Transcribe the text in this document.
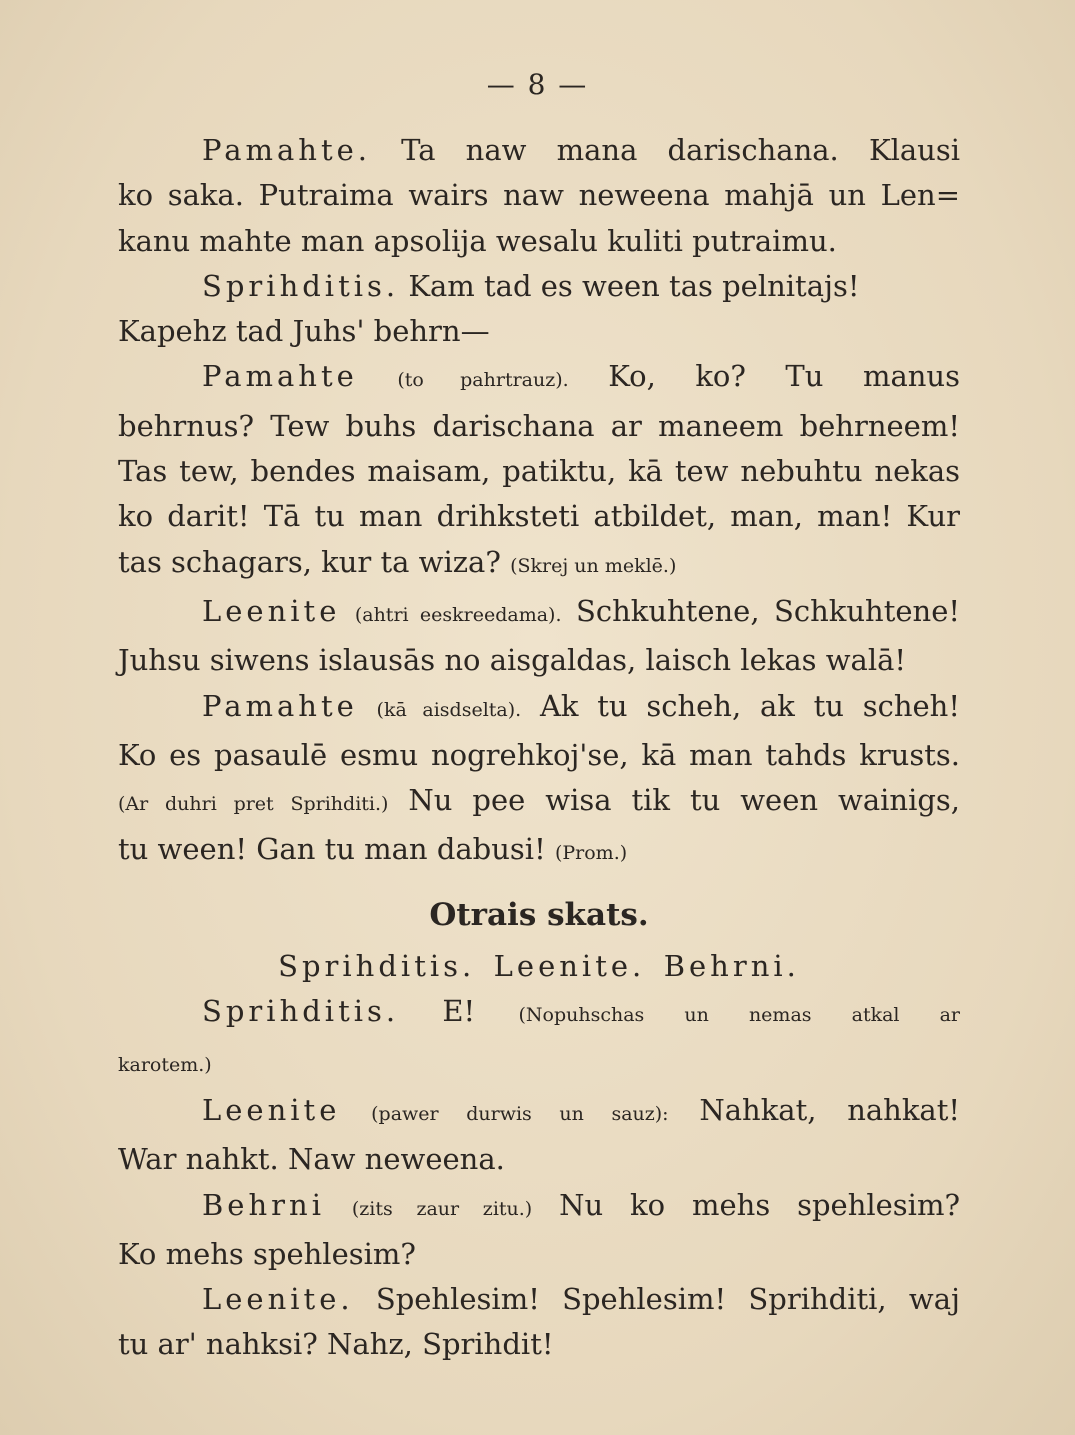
— 8 —
Pamahte. Ta naw mana darischana. Klausi
ko saka. Putraima wairs naw neweena mahjā un Len=
kanu mahte man apsolija wesalu kuliti putraimu.
Sprihditis. Kam tad es ween tas pelnitajs!
Kapehz tad Juhs' behrn—
Pamahte (to pahrtrauz). Ko, ko? Tu manus
behrnus? Tew buhs darischana ar maneem behrneem!
Tas tew, bendes maisam, patiktu, kā tew nebuhtu nekas
ko darit! Tā tu man drihksteti atbildet, man, man! Kur
tas schagars, kur ta wiza? (Skrej un meklē.)
Leenite (ahtri eeskreedama). Schkuhtene, Schkuhtene!
Juhsu siwens islausās no aisgaldas, laisch lekas walā!
Pamahte (kā aisdselta). Ak tu scheh, ak tu scheh!
Ko es pasaulē esmu nogrehkoj'se, kā man tahds krusts.
(Ar duhri pret Sprihditi.) Nu pee wisa tik tu ween wainigs,
tu ween! Gan tu man dabusi! (Prom.)
Otrais skats.
Sprihditis. Leenite. Behrni.
Sprihditis. E! (Nopuhschas un nemas atkal ar
karotem.)
Leenite (pawer durwis un sauz): Nahkat, nahkat!
War nahkt. Naw neweena.
Behrni (zits zaur zitu.) Nu ko mehs spehlesim?
Ko mehs spehlesim?
Leenite. Spehlesim! Spehlesim! Sprihditi, waj
tu ar' nahksi? Nahz, Sprihdit!
